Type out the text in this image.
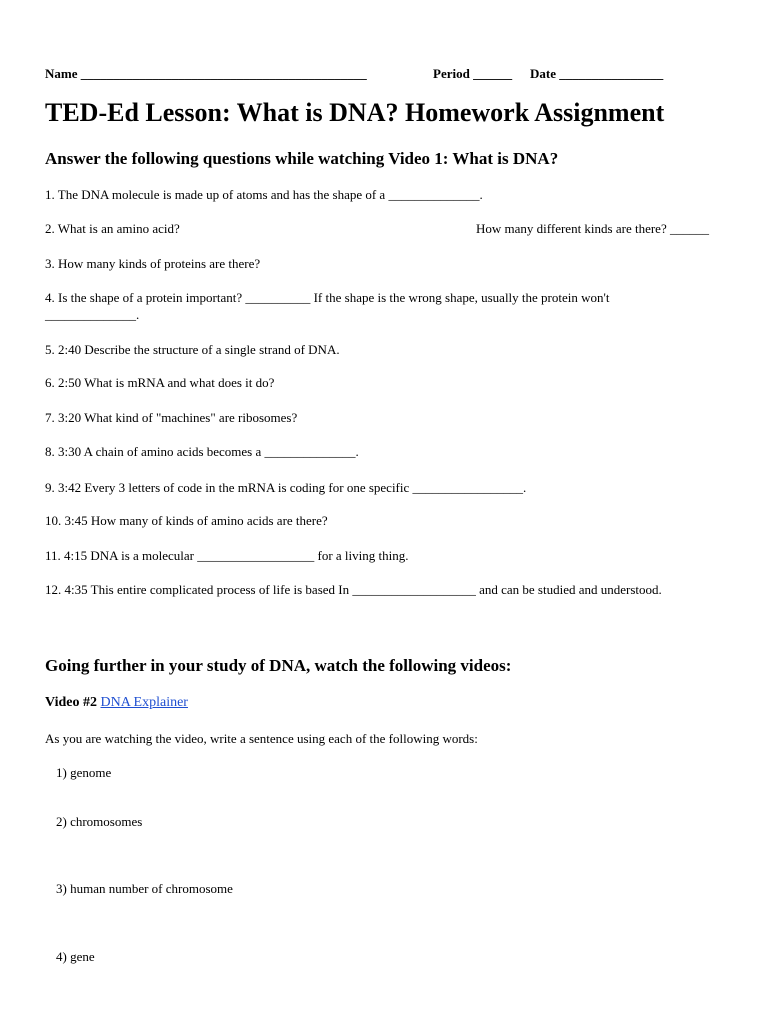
Name ____________________________________________	Period ______ Date ________________
TED-Ed Lesson: What is DNA? Homework Assignment
Answer the following questions while watching Video 1: What is DNA?
1. The DNA molecule is made up of atoms and has the shape of a ______________.
2. What is an amino acid?	How many different kinds are there? ______
3. How many kinds of proteins are there?
4. Is the shape of a protein important? __________ If the shape is the wrong shape, usually the protein won't
______________.
5. 2:40 Describe the structure of a single strand of DNA.
6. 2:50 What is mRNA and what does it do?
7. 3:20 What kind of "machines" are ribosomes?
8. 3:30 A chain of amino acids becomes a ______________.
9. 3:42 Every 3 letters of code in the mRNA is coding for one specific _________________.
10. 3:45 How many of kinds of amino acids are there?
11. 4:15 DNA is a molecular __________________ for a living thing.
12. 4:35 This entire complicated process of life is based In ___________________ and can be studied and understood.
Going further in your study of DNA, watch the following videos:
Video #2 DNA Explainer
As you are watching the video, write a sentence using each of the following words:
1) genome
2) chromosomes
3) human number of chromosome
4) gene
